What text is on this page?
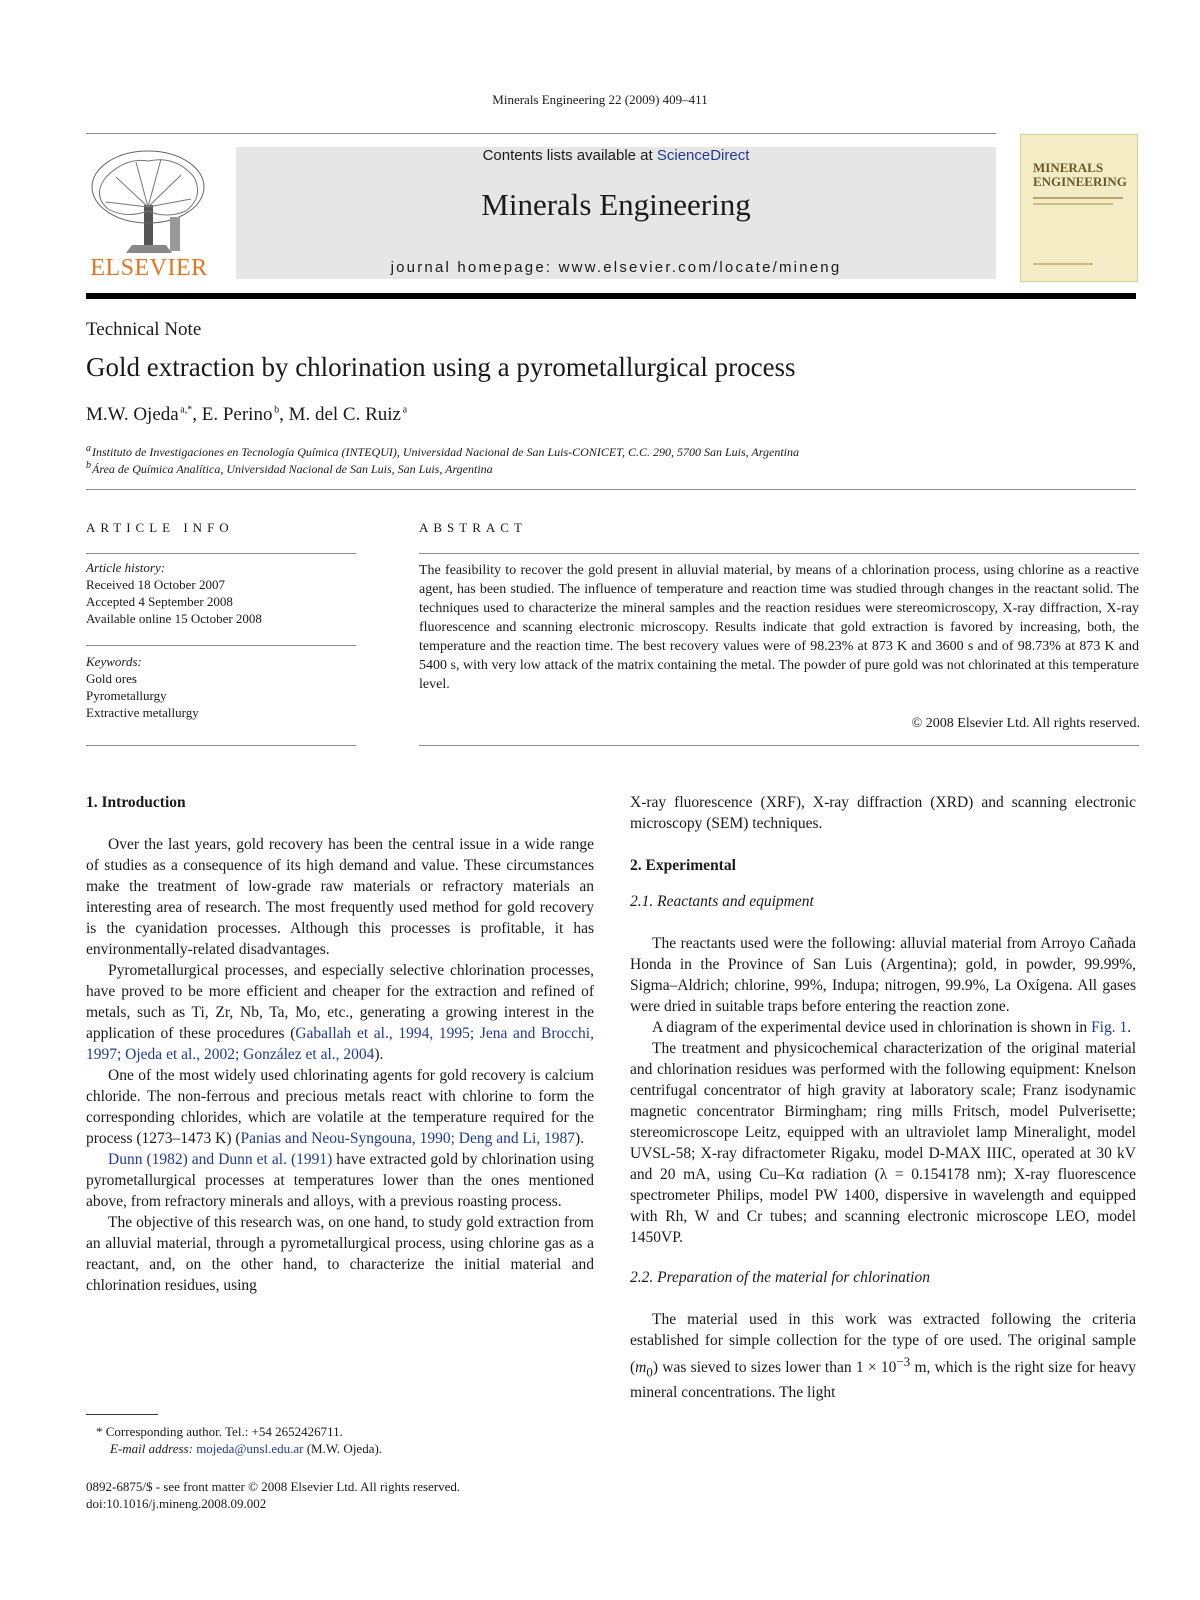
Minerals Engineering 22 (2009) 409–411
ELSEVIER
Contents lists available at ScienceDirect
Minerals Engineering
journal homepage: www.elsevier.com/locate/mineng
MINERALS ENGINEERING
Technical Note
Gold extraction by chlorination using a pyrometallurgical process
M.W. Ojeda  $^{a,*}$, E. Perino  $^b$, M. del C. Ruiz  $^a$
$^a$ Instituto de Investigaciones en Tecnología Química (INTEQUI), Universidad Nacional de San Luis-CONICET, C.C. 290, 5700 San Luis, Argentina
$^b$ Área de Química Analítica, Universidad Nacional de San Luis, San Luis, Argentina
ARTICLE INFO
Article history:
Received 18 October 2007
Accepted 4 September 2008
Available online 15 October 2008
Keywords:
Gold ores
Pyrometallurgy
Extractive metallurgy
ABSTRACT
The feasibility to recover the gold present in alluvial material, by means of a chlorination process, using chlorine as a reactive agent, has been studied. The influence of temperature and reaction time was studied through changes in the reactant solid. The techniques used to characterize the mineral samples and the reaction residues were stereomicroscopy, X-ray diffraction, X-ray fluorescence and scanning electronic microscopy. Results indicate that gold extraction is favored by increasing, both, the temperature and the reaction time. The best recovery values were of 98.23% at 873 K and 3600 s and of 98.73% at 873 K and 5400 s, with very low attack of the matrix containing the metal. The powder of pure gold was not chlorinated at this temperature level.
© 2008 Elsevier Ltd. All rights reserved.
1. Introduction

Over the last years, gold recovery has been the central issue in a wide range of studies as a consequence of its high demand and value. These circumstances make the treatment of low-grade raw materials or refractory materials an interesting area of research. The most frequently used method for gold recovery is the cyanidation processes. Although this processes is profitable, it has environmentally-related disadvantages.

Pyrometallurgical processes, and especially selective chlorination processes, have proved to be more efficient and cheaper for the extraction and refined of metals, such as Ti, Zr, Nb, Ta, Mo, etc., generating a growing interest in the application of these procedures (Gaballah et al., 1994, 1995; Jena and Brocchi, 1997; Ojeda et al., 2002; González et al., 2004).

One of the most widely used chlorinating agents for gold recovery is calcium chloride. The non-ferrous and precious metals react with chlorine to form the corresponding chlorides, which are volatile at the temperature required for the process (1273–1473 K) (Panias and Neou-Syngouna, 1990; Deng and Li, 1987).

Dunn (1982) and Dunn et al. (1991) have extracted gold by chlorination using pyrometallurgical processes at temperatures lower than the ones mentioned above, from refractory minerals and alloys, with a previous roasting process.

The objective of this research was, on one hand, to study gold extraction from an alluvial material, through a pyrometallurgical process, using chlorine gas as a reactant, and, on the other hand, to characterize the initial material and chlorination residues, using

X-ray fluorescence (XRF), X-ray diffraction (XRD) and scanning electronic microscopy (SEM) techniques.
2. Experimental
2.1. Reactants and equipment

The reactants used were the following: alluvial material from Arroyo Cañada Honda in the Province of San Luis (Argentina); gold, in powder, 99.99%, Sigma–Aldrich; chlorine, 99%, Indupa; nitrogen, 99.9%, La Oxígena. All gases were dried in suitable traps before entering the reaction zone.

A diagram of the experimental device used in chlorination is shown in Fig. 1.

The treatment and physicochemical characterization of the original material and chlorination residues was performed with the following equipment: Knelson centrifugal concentrator of high gravity at laboratory scale; Franz isodynamic magnetic concentrator Birmingham; ring mills Fritsch, model Pulverisette; stereomicroscope Leitz, equipped with an ultraviolet lamp Mineralight, model UVSL-58; X-ray difractometer Rigaku, model D-MAX IIIC, operated at 30 kV and 20 mA, using Cu–Kα radiation (λ = 0.154178 nm); X-ray fluorescence spectrometer Philips, model PW 1400, dispersive in wavelength and equipped with Rh, W and Cr tubes; and scanning electronic microscope LEO, model 1450VP.

2.2. Preparation of the material for chlorination

The material used in this work was extracted following the criteria established for simple collection for the type of ore used. The original sample $(m_0)$ was sieved to sizes lower than $1 \times 10^{-3}$ m, which is the right size for heavy mineral concentrations. The light

* Corresponding author. Tel.: +54 2652426711.
E-mail address: mojeda@unsl.edu.ar (M.W. Ojeda).
0892-6875/$ - see front matter © 2008 Elsevier Ltd. All rights reserved.
doi:10.1016/j.mineng.2008.09.002
